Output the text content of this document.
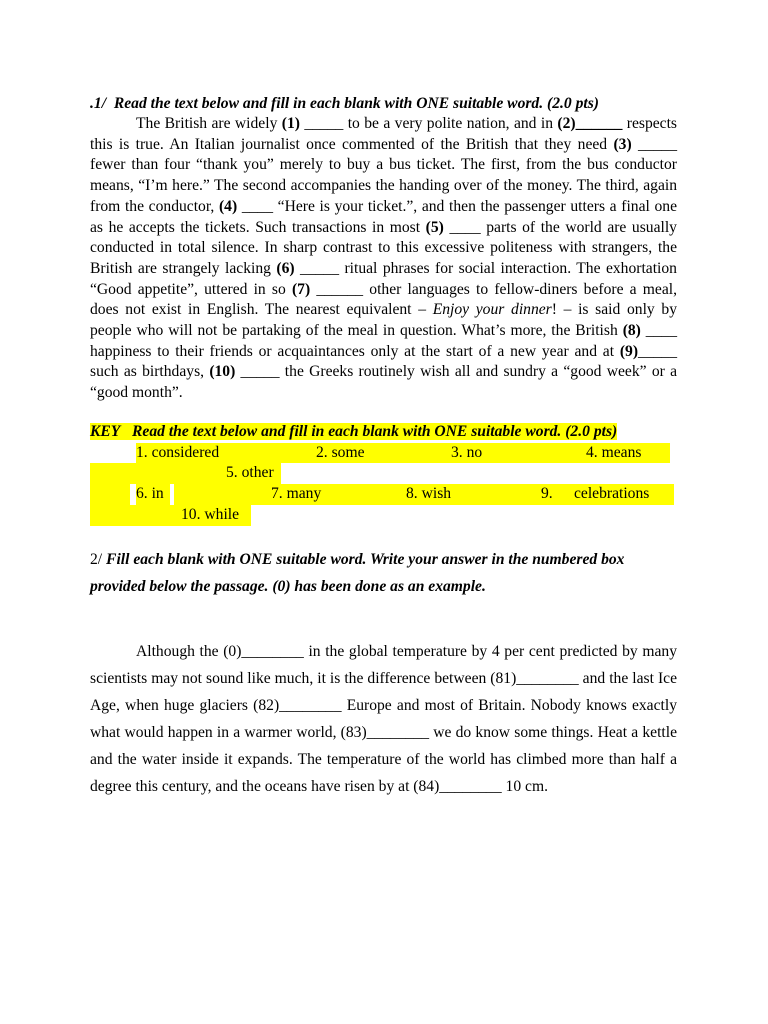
.1/ Read the text below and fill in each blank with ONE suitable word. (2.0 pts)

The British are widely (1) _____ to be a very polite nation, and in (2)______ respects this is true. An Italian journalist once commented of the British that they need (3) _____ fewer than four “thank you” merely to buy a bus ticket. The first, from the bus conductor means, “I’m here.” The second accompanies the handing over of the money. The third, again from the conductor, (4) ____ “Here is your ticket.”, and then the passenger utters a final one as he accepts the tickets. Such transactions in most (5) ____ parts of the world are usually conducted in total silence. In sharp contrast to this excessive politeness with strangers, the British are strangely lacking (6) _____ ritual phrases for social interaction. The exhortation “Good appetite”, uttered in so (7) ______ other languages to fellow-diners before a meal, does not exist in English. The nearest equivalent – Enjoy your dinner! – is said only by people who will not be partaking of the meal in question. What’s more, the British (8) ____ happiness to their friends or acquaintances only at the start of a new year and at (9)_____ such as birthdays, (10) _____ the Greeks routinely wish all and sundry a “good week” or a “good month”.

KEY Read the text below and fill in each blank with ONE suitable word. (2.0 pts)
1. considered	2. some	3. no	4. means
5. other
6. in	7. many	8. wish	9. celebrations
10. while
2/ Fill each blank with ONE suitable word. Write your answer in the numbered box provided below the passage. (0) has been done as an example.

Although the (0)________ in the global temperature by 4 per cent predicted by many scientists may not sound like much, it is the difference between (81)________ and the last Ice Age, when huge glaciers (82)________ Europe and most of Britain. Nobody knows exactly what would happen in a warmer world, (83)________ we do know some things. Heat a kettle and the water inside it expands. The temperature of the world has climbed more than half a degree this century, and the oceans have risen by at (84)________ 10 cm.
